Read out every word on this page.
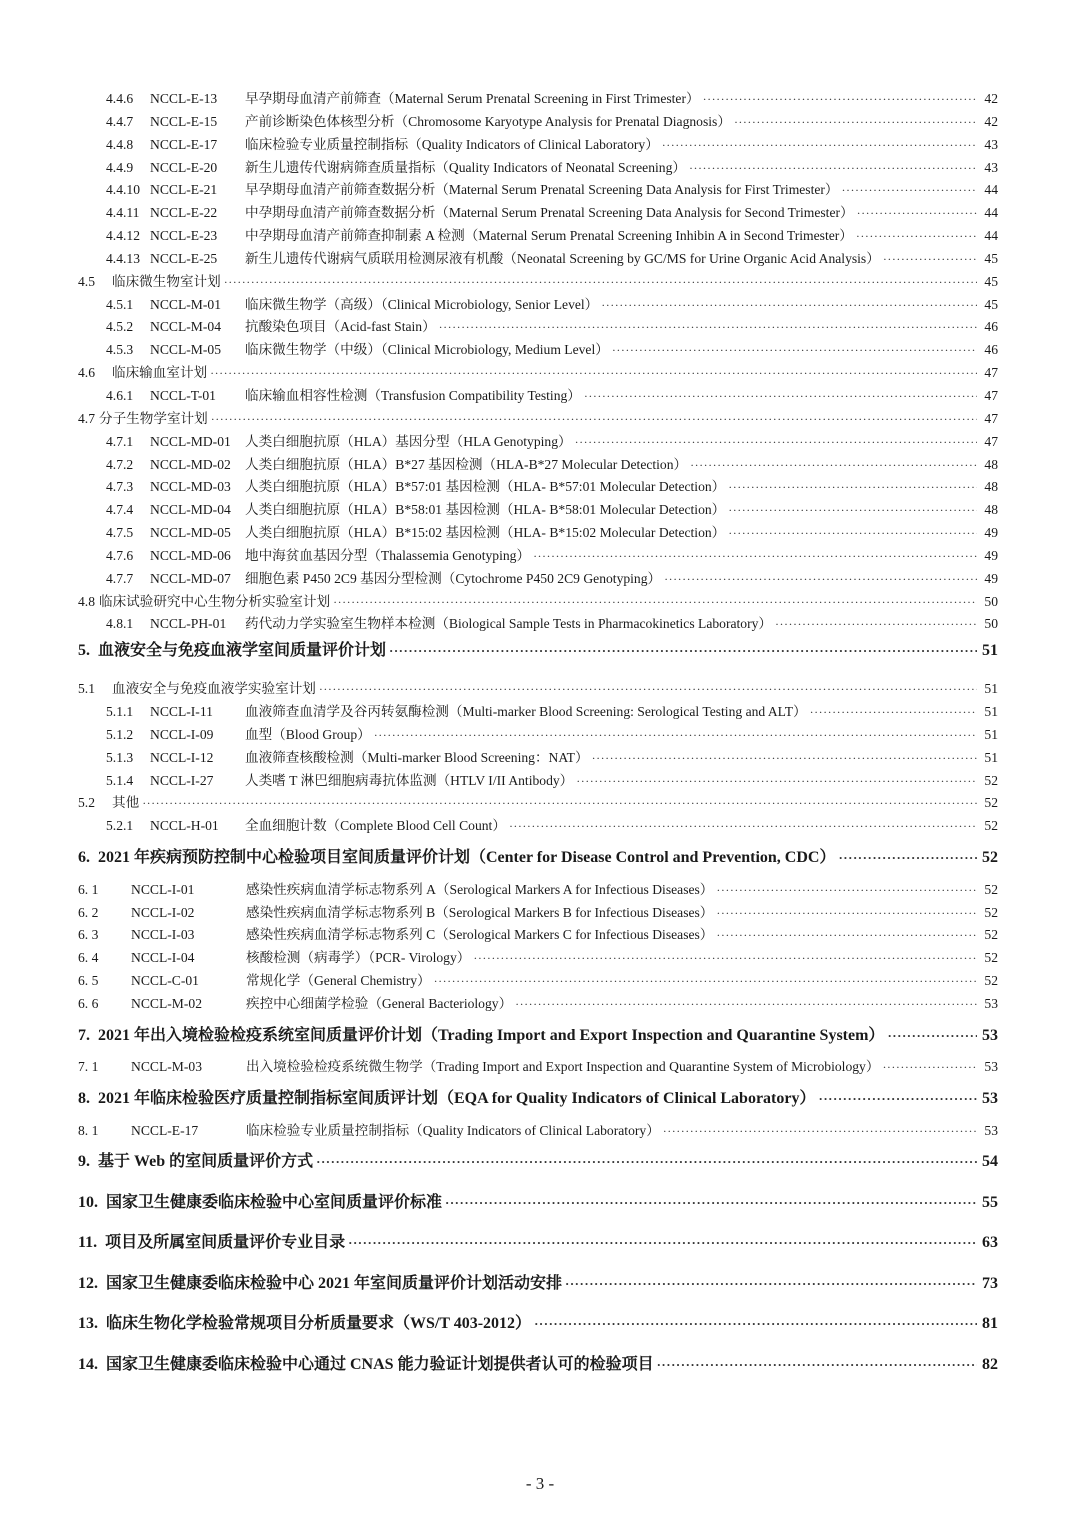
4.4.6	NCCL-E-13	早孕期母血清产前筛查（Maternal Serum Prenatal Screening in First Trimester） ·····	42
4.4.7	NCCL-E-15	产前诊断染色体核型分析（Chromosome Karyotype Analysis for Prenatal Diagnosis） ·····	42
4.4.8	NCCL-E-17	临床检验专业质量控制指标（Quality Indicators of Clinical Laboratory） ·····	43
4.4.9	NCCL-E-20	新生儿遗传代谢病筛查质量指标（Quality Indicators of Neonatal Screening） ·····	43
4.4.10 NCCL-E-21	早孕期母血清产前筛查数据分析（Maternal Serum Prenatal Screening Data Analysis for First Trimester） ·····	44
4.4.11 NCCL-E-22	中孕期母血清产前筛查数据分析（Maternal Serum Prenatal Screening Data Analysis for Second Trimester） ·····	44
4.4.12 NCCL-E-23	中孕期母血清产前筛查抑制素 A 检测（Maternal Serum Prenatal Screening Inhibin A in Second Trimester） ·····	44
4.4.13 NCCL-E-25	新生儿遗传代谢病气质联用检测尿液有机酸（Neonatal Screening by GC/MS for Urine Organic Acid Analysis） ·····	45
4.5	临床微生物室计划 ·····	45
4.5.1	NCCL-M-01	临床微生物学（高级）（Clinical Microbiology, Senior Level） ·····	45
4.5.2	NCCL-M-04	抗酸染色项目（Acid-fast Stain） ·····	46
4.5.3	NCCL-M-05	临床微生物学（中级）（Clinical Microbiology, Medium Level） ·····	46
4.6	临床输血室计划 ·····	47
4.6.1	NCCL-T-01	临床输血相容性检测（Transfusion Compatibility Testing） ·····	47
4.7 分子生物学室计划 ·····	47
4.7.1	NCCL-MD-01	人类白细胞抗原（HLA）基因分型（HLA Genotyping） ·····	47
4.7.2	NCCL-MD-02	人类白细胞抗原（HLA）B*27 基因检测（HLA-B*27 Molecular Detection） ·····	48
4.7.3	NCCL-MD-03	人类白细胞抗原（HLA）B*57:01 基因检测（HLA- B*57:01 Molecular Detection） ·····	48
4.7.4	NCCL-MD-04	人类白细胞抗原（HLA）B*58:01 基因检测（HLA- B*58:01 Molecular Detection） ·····	48
4.7.5	NCCL-MD-05	人类白细胞抗原（HLA）B*15:02 基因检测（HLA- B*15:02 Molecular Detection） ·····	49
4.7.6	NCCL-MD-06	地中海贫血基因分型（Thalassemia Genotyping） ·····	49
4.7.7	NCCL-MD-07	细胞色素 P450 2C9 基因分型检测（Cytochrome P450 2C9 Genotyping） ·····	49
4.8 临床试验研究中心生物分析实验室计划 ·····	50
4.8.1	NCCL-PH-01	药代动力学实验室生物样本检测（Biological Sample Tests in Pharmacokinetics Laboratory） ·····	50
5. 血液安全与免疫血液学室间质量评价计划 ·····	51
5.1	血液安全与免疫血液学实验室计划 ·····	51
5.1.1	NCCL-I-11	血液筛查血清学及谷丙转氨酶检测（Multi-marker Blood Screening: Serological Testing and ALT） ·····	51
5.1.2	NCCL-I-09	血型（Blood Group） ·····	51
5.1.3	NCCL-I-12	血液筛查核酸检测（Multi-marker Blood Screening：NAT） ·····	51
5.1.4	NCCL-I-27	人类嗜 T 淋巴细胞病毒抗体监测（HTLV I/II Antibody） ·····	52
5.2	其他 ·····	52
5.2.1	NCCL-H-01	全血细胞计数（Complete Blood Cell Count） ·····	52
6. 2021 年疾病预防控制中心检验项目室间质量评价计划（Center for Disease Control and Prevention, CDC） ·····	52
6. 1	NCCL-I-01	感染性疾病血清学标志物系列 A（Serological Markers A for Infectious Diseases） ·····	52
6. 2	NCCL-I-02	感染性疾病血清学标志物系列 B（Serological Markers B for Infectious Diseases） ·····	52
6. 3	NCCL-I-03	感染性疾病血清学标志物系列 C（Serological Markers C for Infectious Diseases） ·····	52
6. 4	NCCL-I-04	核酸检测（病毒学）（PCR- Virology） ·····	52
6. 5	NCCL-C-01	常规化学（General Chemistry） ·····	52
6. 6	NCCL-M-02	疾控中心细菌学检验（General Bacteriology） ·····	53
7. 2021 年出入境检验检疫系统室间质量评价计划（Trading Import and Export Inspection and Quarantine System） ·····	53
7. 1	NCCL-M-03	出入境检验检疫系统微生物学（Trading Import and Export Inspection and Quarantine System of Microbiology） ·····	53
8. 2021 年临床检验医疗质量控制指标室间质评计划（EQA for Quality Indicators of Clinical Laboratory） ·····	53
8. 1	NCCL-E-17	临床检验专业质量控制指标（Quality Indicators of Clinical Laboratory） ·····	53
9. 基于 Web 的室间质量评价方式 ·····	54
10. 国家卫生健康委临床检验中心室间质量评价标准 ·····	55
11. 项目及所属室间质量评价专业目录 ·····	63
12. 国家卫生健康委临床检验中心 2021 年室间质量评价计划活动安排 ·····	73
13. 临床生物化学检验常规项目分析质量要求（WS/T 403-2012） ·····	81
14. 国家卫生健康委临床检验中心通过 CNAS 能力验证计划提供者认可的检验项目 ·····	82
- 3 -
